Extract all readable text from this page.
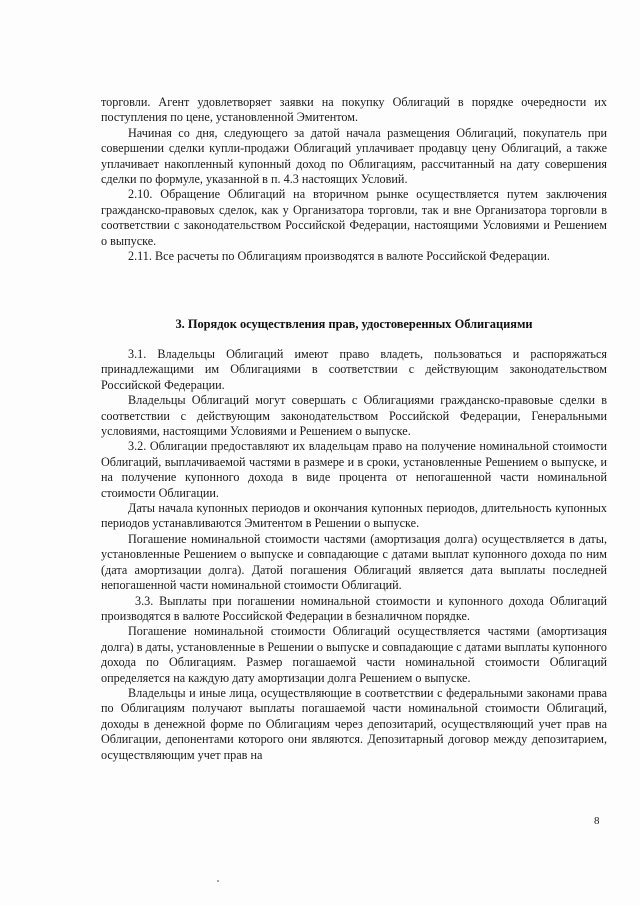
торговли. Агент удовлетворяет заявки на покупку Облигаций в порядке очередности их поступления по цене, установленной Эмитентом.

Начиная со дня, следующего за датой начала размещения Облигаций, покупатель при совершении сделки купли-продажи Облигаций уплачивает продавцу цену Облигаций, а также уплачивает накопленный купонный доход по Облигациям, рассчитанный на дату совершения сделки по формуле, указанной в п. 4.3 настоящих Условий.

2.10. Обращение Облигаций на вторичном рынке осуществляется путем заключения гражданско-правовых сделок, как у Организатора торговли, так и вне Организатора торговли в соответствии с законодательством Российской Федерации, настоящими Условиями и Решением о выпуске.

2.11. Все расчеты по Облигациям производятся в валюте Российской Федерации.

3. Порядок осуществления прав, удостоверенных Облигациями

3.1. Владельцы Облигаций имеют право владеть, пользоваться и распоряжаться принадлежащими им Облигациями в соответствии с действующим законодательством Российской Федерации.

Владельцы Облигаций могут совершать с Облигациями гражданско-правовые сделки в соответствии с действующим законодательством Российской Федерации, Генеральными условиями, настоящими Условиями и Решением о выпуске.

3.2. Облигации предоставляют их владельцам право на получение номинальной стоимости Облигаций, выплачиваемой частями в размере и в сроки, установленные Решением о выпуске, и на получение купонного дохода в виде процента от непогашенной части номинальной стоимости Облигации.

Даты начала купонных периодов и окончания купонных периодов, длительность купонных периодов устанавливаются Эмитентом в Решении о выпуске.

Погашение номинальной стоимости частями (амортизация долга) осуществляется в даты, установленные Решением о выпуске и совпадающие с датами выплат купонного дохода по ним (дата амортизации долга). Датой погашения Облигаций является дата выплаты последней непогашенной части номинальной стоимости Облигаций.

3.3. Выплаты при погашении номинальной стоимости и купонного дохода Облигаций производятся в валюте Российской Федерации в безналичном порядке.

Погашение номинальной стоимости Облигаций осуществляется частями (амортизация долга) в даты, установленные в Решении о выпуске и совпадающие с датами выплаты купонного дохода по Облигациям. Размер погашаемой части номинальной стоимости Облигаций определяется на каждую дату амортизации долга Решением о выпуске.

Владельцы и иные лица, осуществляющие в соответствии с федеральными законами права по Облигациям получают выплаты погашаемой части номинальной стоимости Облигаций, доходы в денежной форме по Облигациям через депозитарий, осуществляющий учет прав на Облигации, депонентами которого они являются. Депозитарный договор между депозитарием, осуществляющим учет прав на

8
